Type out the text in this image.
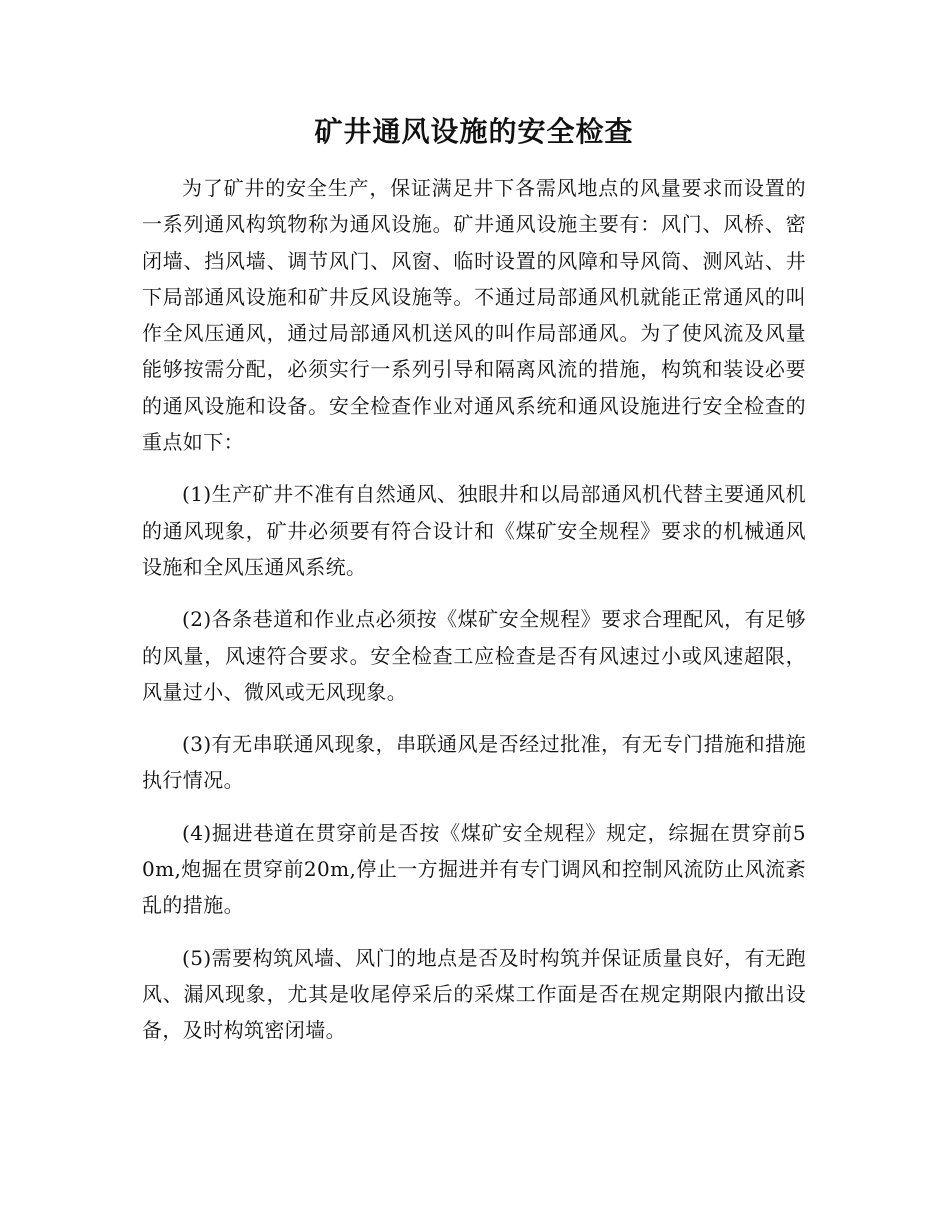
矿井通风设施的安全检查

为了矿井的安全生产，保证满足井下各需风地点的风量要求而设置的一系列通风构筑物称为通风设施。矿井通风设施主要有：风门、风桥、密闭墙、挡风墙、调节风门、风窗、临时设置的风障和导风筒、测风站、井下局部通风设施和矿井反风设施等。不通过局部通风机就能正常通风的叫作全风压通风，通过局部通风机送风的叫作局部通风。为了使风流及风量能够按需分配，必须实行一系列引导和隔离风流的措施，构筑和装设必要的通风设施和设备。安全检查作业对通风系统和通风设施进行安全检查的重点如下：

(1)生产矿井不准有自然通风、独眼井和以局部通风机代替主要通风机的通风现象，矿井必须要有符合设计和《煤矿安全规程》要求的机械通风设施和全风压通风系统。

(2)各条巷道和作业点必须按《煤矿安全规程》要求合理配风，有足够的风量，风速符合要求。安全检查工应检查是否有风速过小或风速超限，风量过小、微风或无风现象。

(3)有无串联通风现象，串联通风是否经过批准，有无专门措施和措施执行情况。

(4)掘进巷道在贯穿前是否按《煤矿安全规程》规定，综掘在贯穿前50m,炮掘在贯穿前20m,停止一方掘进并有专门调风和控制风流防止风流紊乱的措施。

(5)需要构筑风墙、风门的地点是否及时构筑并保证质量良好，有无跑风、漏风现象，尤其是收尾停采后的采煤工作面是否在规定期限内撤出设备，及时构筑密闭墙。
